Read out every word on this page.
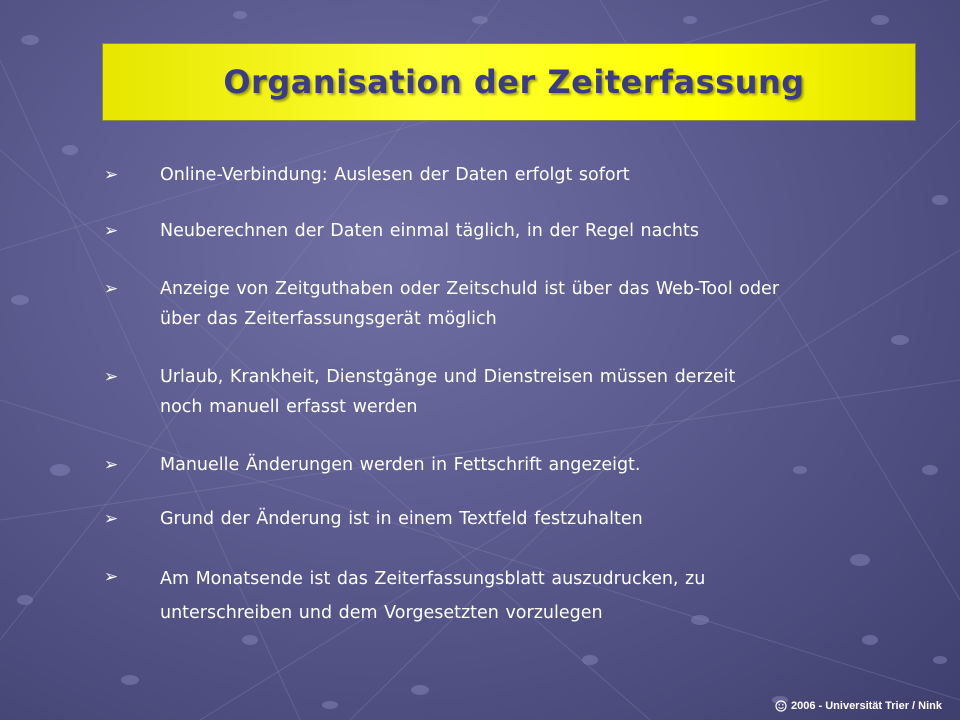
Organisation der Zeiterfassung
➢	Online-Verbindung: Auslesen der Daten erfolgt sofort
➢	Neuberechnen der Daten einmal täglich, in der Regel nachts
➢	Anzeige von Zeitguthaben oder Zeitschuld ist über das Web-Tool oder über das Zeiterfassungsgerät möglich
➢	Urlaub, Krankheit, Dienstgänge und Dienstreisen müssen derzeit noch manuell erfasst werden
➢	Manuelle Änderungen werden in Fettschrift angezeigt.
➢	Grund der Änderung ist in einem Textfeld festzuhalten
➢	Am Monatsende ist das Zeiterfassungsblatt auszudrucken, zu unterschreiben und dem Vorgesetzten vorzulegen
2006 - Universität Trier / Nink
